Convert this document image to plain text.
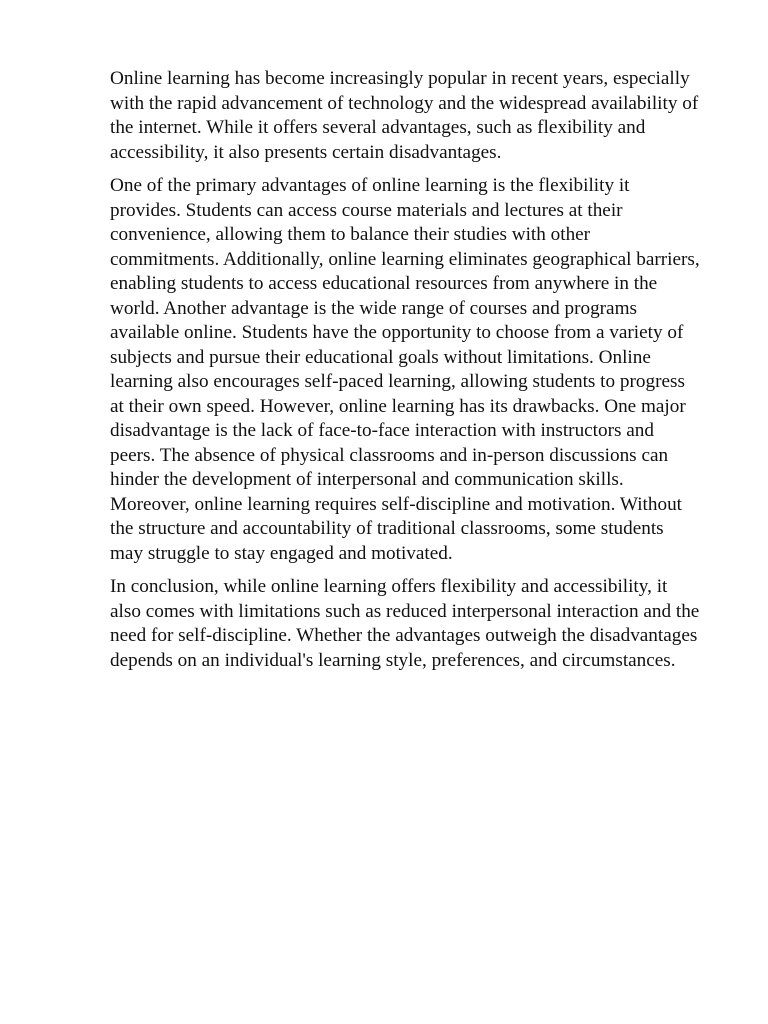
Online learning has become increasingly popular in recent years, especially with the rapid advancement of technology and the widespread availability of the internet. While it offers several advantages, such as flexibility and accessibility, it also presents certain disadvantages.

One of the primary advantages of online learning is the flexibility it provides. Students can access course materials and lectures at their convenience, allowing them to balance their studies with other commitments. Additionally, online learning eliminates geographical barriers, enabling students to access educational resources from anywhere in the world. Another advantage is the wide range of courses and programs available online. Students have the opportunity to choose from a variety of subjects and pursue their educational goals without limitations. Online learning also encourages self-paced learning, allowing students to progress at their own speed. However, online learning has its drawbacks. One major disadvantage is the lack of face-to-face interaction with instructors and peers. The absence of physical classrooms and in-person discussions can hinder the development of interpersonal and communication skills. Moreover, online learning requires self-discipline and motivation. Without the structure and accountability of traditional classrooms, some students may struggle to stay engaged and motivated.

In conclusion, while online learning offers flexibility and accessibility, it also comes with limitations such as reduced interpersonal interaction and the need for self-discipline. Whether the advantages outweigh the disadvantages depends on an individual's learning style, preferences, and circumstances.
